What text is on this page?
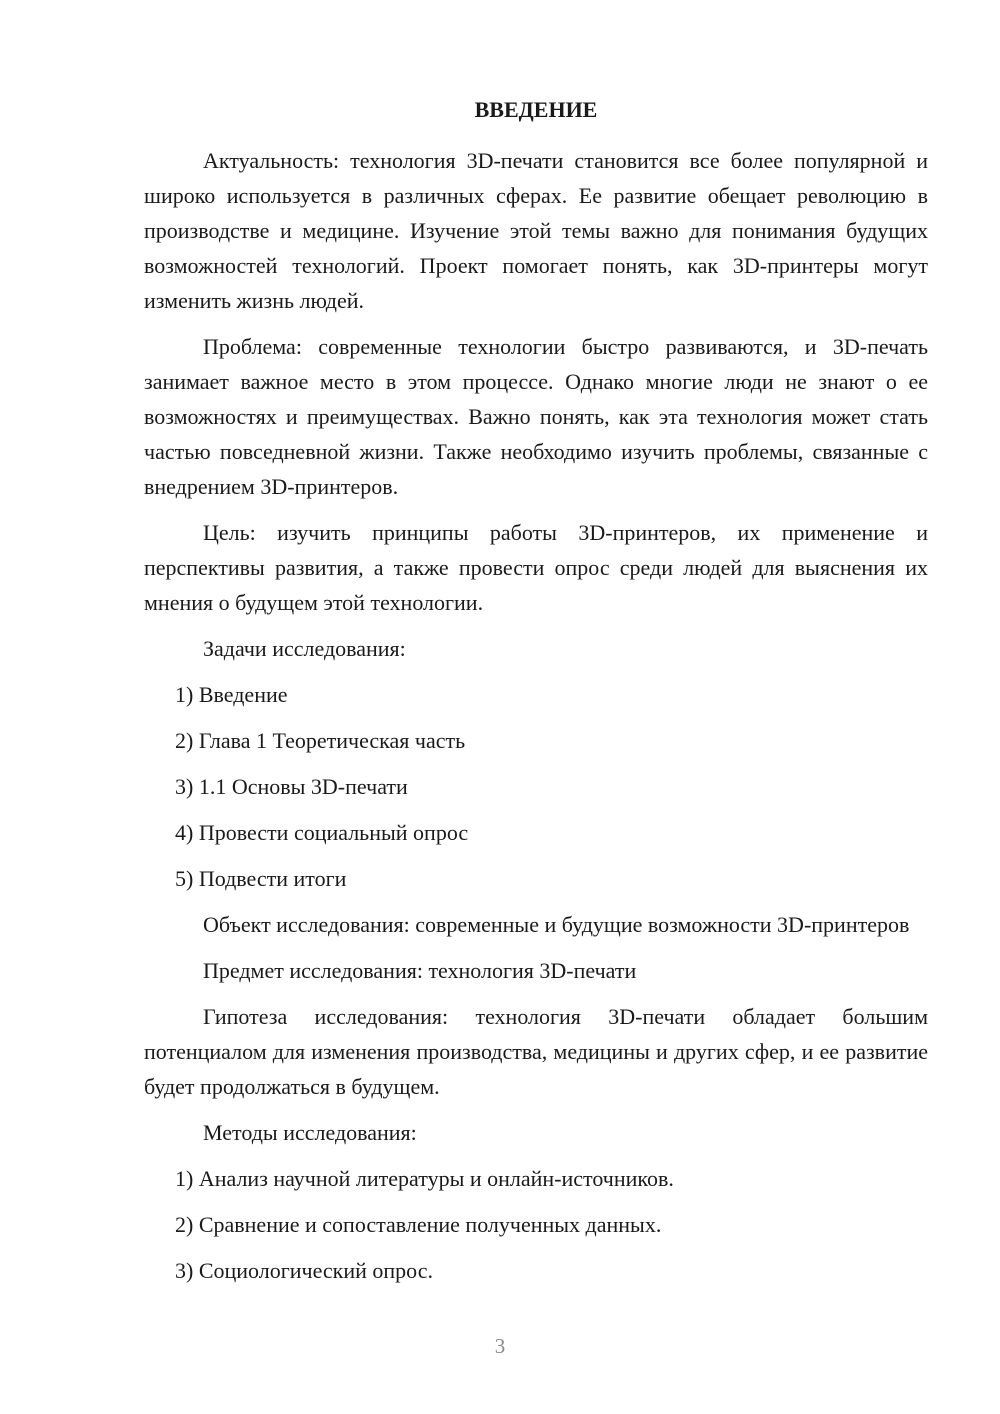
ВВЕДЕНИЕ

Актуальность: технология 3D-печати становится все более популярной и широко используется в различных сферах. Ее развитие обещает революцию в производстве и медицине. Изучение этой темы важно для понимания будущих возможностей технологий. Проект помогает понять, как 3D-принтеры могут изменить жизнь людей.

Проблема: современные технологии быстро развиваются, и 3D-печать занимает важное место в этом процессе. Однако многие люди не знают о ее возможностях и преимуществах. Важно понять, как эта технология может стать частью повседневной жизни. Также необходимо изучить проблемы, связанные с внедрением 3D-принтеров.

Цель: изучить принципы работы 3D-принтеров, их применение и перспективы развития, а также провести опрос среди людей для выяснения их мнения о будущем этой технологии.

Задачи исследования:

1) Введение
2) Глава 1 Теоретическая часть
3) 1.1 Основы 3D-печати
4) Провести социальный опрос
5) Подвести итоги

Объект исследования: современные и будущие возможности 3D-принтеров

Предмет исследования: технология 3D-печати

Гипотеза исследования: технология 3D-печати обладает большим потенциалом для изменения производства, медицины и других сфер, и ее развитие будет продолжаться в будущем.

Методы исследования:

1) Анализ научной литературы и онлайн-источников.
2) Сравнение и сопоставление полученных данных.
3) Социологический опрос.
3
